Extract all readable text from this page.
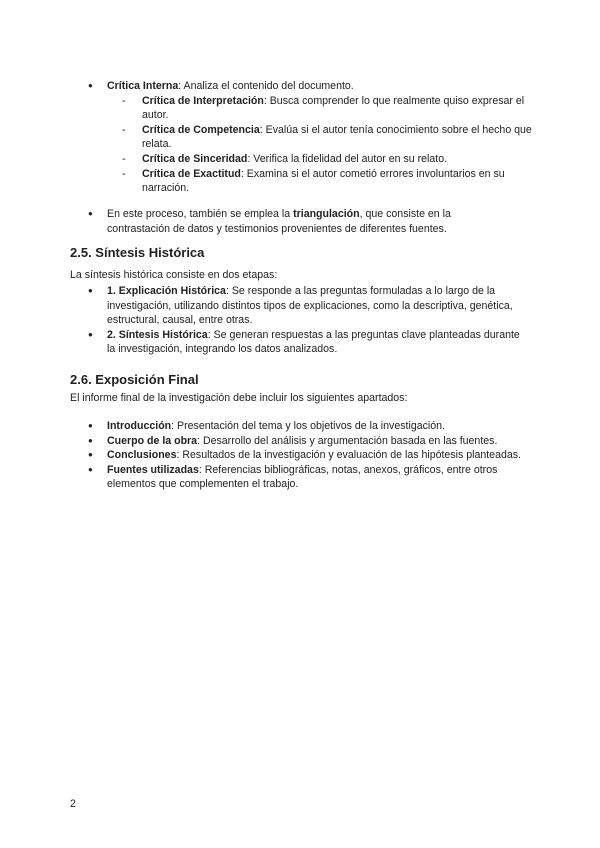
● Crítica Interna: Analiza el contenido del documento.
- Crítica de Interpretación: Busca comprender lo que realmente quiso expresar el autor.
- Crítica de Competencia: Evalúa si el autor tenía conocimiento sobre el hecho que relata.
- Crítica de Sinceridad: Verifica la fidelidad del autor en su relato.
- Crítica de Exactitud: Examina si el autor cometió errores involuntarios en su narración.
● En este proceso, también se emplea la triangulación, que consiste en la contrastación de datos y testimonios provenientes de diferentes fuentes.
2.5. Síntesis Histórica

La síntesis histórica consiste en dos etapas:

● 1. Explicación Histórica: Se responde a las preguntas formuladas a lo largo de la investigación, utilizando distintos tipos de explicaciones, como la descriptiva, genética, estructural, causal, entre otras.
● 2. Síntesis Histórica: Se generan respuestas a las preguntas clave planteadas durante la investigación, integrando los datos analizados.
2.6. Exposición Final

El informe final de la investigación debe incluir los siguientes apartados:

● Introducción: Presentación del tema y los objetivos de la investigación.
● Cuerpo de la obra: Desarrollo del análisis y argumentación basada en las fuentes.
● Conclusiones: Resultados de la investigación y evaluación de las hipótesis planteadas.
● Fuentes utilizadas: Referencias bibliográficas, notas, anexos, gráficos, entre otros elementos que complementen el trabajo.
2
